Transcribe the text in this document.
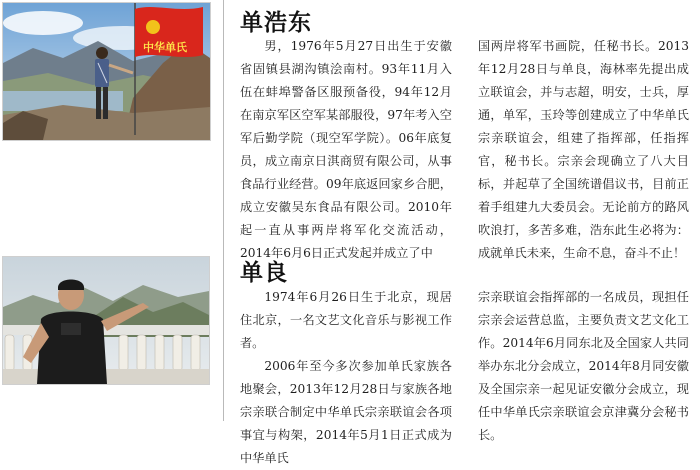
中华单氏
单浩东

男，1976年5月27日出生于安徽省固镇县湖沟镇浍南村。93年11月入伍在蚌埠警备区服预备役，94年12月在南京军区空军某部服役，97年考入空军后勤学院（现空军学院）。06年底复员，成立南京日淇商贸有限公司，从事食品行业经营。09年底返回家乡合肥，成立安徽吴东食品有限公司。2010年起一直从事两岸将军化交流活动，2014年6月6日正式发起并成立了中

国两岸将军书画院，任秘书长。2013年12月28日与单良，海林率先提出成立联谊会，并与志超，明安，士兵，厚通，单军，玉玲等创建成立了中华单氏宗亲联谊会，组建了指挥部，任指挥官，秘书长。宗亲会现确立了八大目标，并起草了全国统谱倡议书，目前正着手组建九大委员会。无论前方的路风吹浪打，多苦多难，浩东此生必将为：成就单氏未来，生命不息，奋斗不止！

单良

1974年6月26日生于北京，现居住北京，一名文艺文化音乐与影视工作者。

2006年至今多次参加单氏家族各地聚会，2013年12月28日与家族各地宗亲联合制定中华单氏宗亲联谊会各项事宜与构架，2014年5月1日正式成为中华单氏

宗亲联谊会指挥部的一名成员，现担任宗亲会运营总监，主要负责文艺文化工作。2014年6月同东北及全国家人共同举办东北分会成立，2014年8月同安徽及全国宗亲一起见证安徽分会成立，现任中华单氏宗亲联谊会京津冀分会秘书长。
